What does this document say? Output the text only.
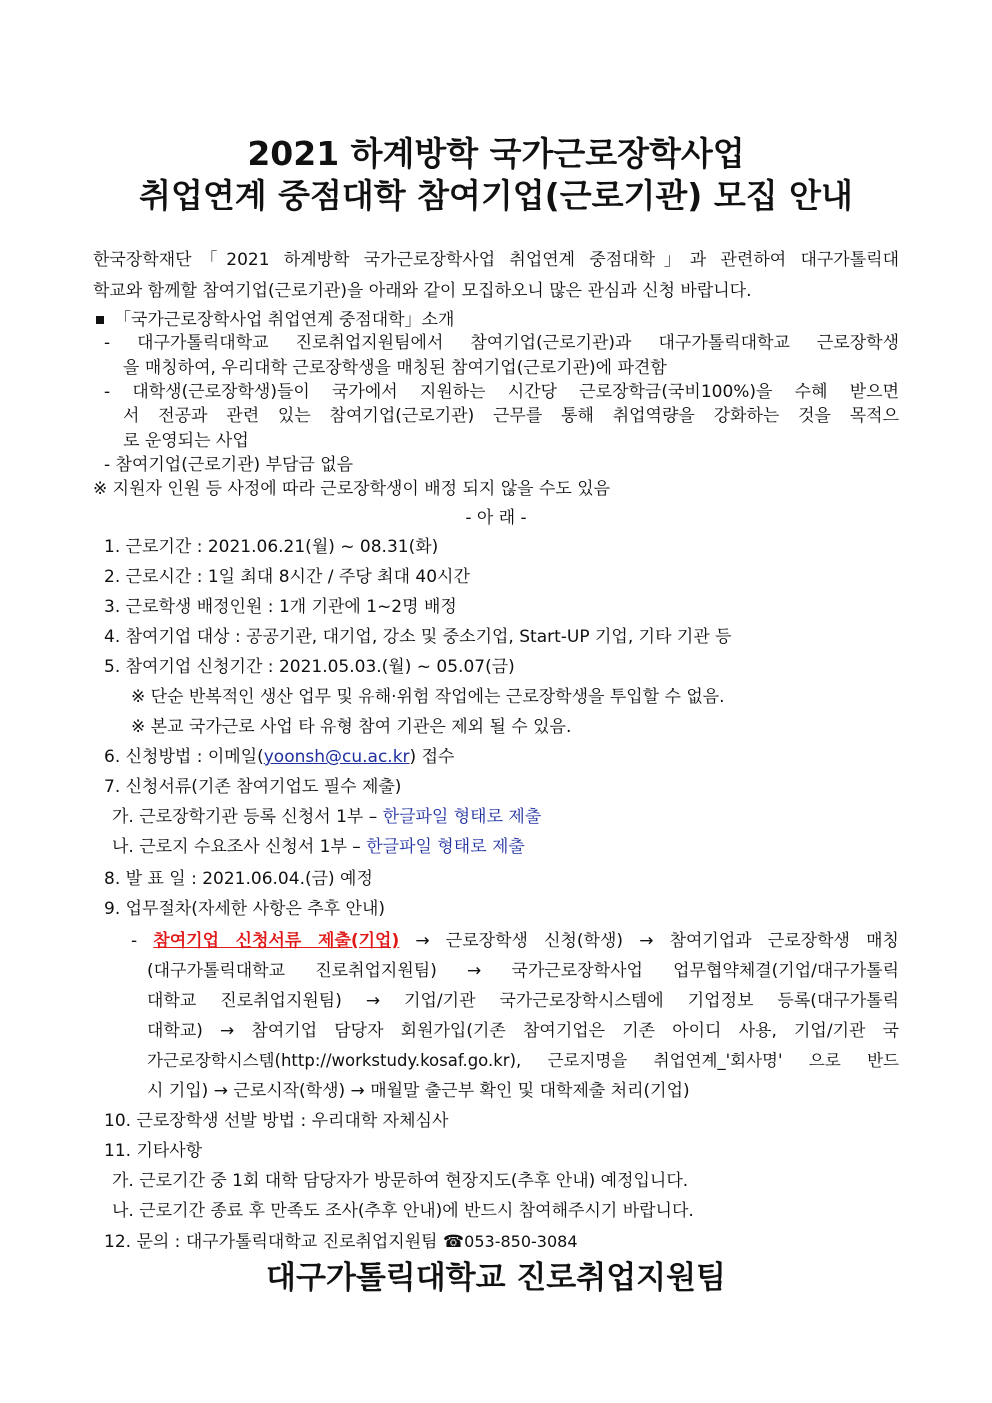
2021 하계방학 국가근로장학사업
취업연계 중점대학 참여기업(근로기관) 모집 안내
한국장학재단「2021 하계방학 국가근로장학사업 취업연계 중점대학」과 관련하여 대구가톨릭대
학교와 함께할 참여기업(근로기관)을 아래와 같이 모집하오니 많은 관심과 신청 바랍니다.
「국가근로장학사업 취업연계 중점대학」소개
- 대구가톨릭대학교 진로취업지원팀에서 참여기업(근로기관)과 대구가톨릭대학교 근로장학생
을 매칭하여, 우리대학 근로장학생을 매칭된 참여기업(근로기관)에 파견함
- 대학생(근로장학생)들이 국가에서 지원하는 시간당 근로장학금(국비100%)을 수혜 받으면
서 전공과 관련 있는 참여기업(근로기관) 근무를 통해 취업역량을 강화하는 것을 목적으
로 운영되는 사업
- 참여기업(근로기관) 부담금 없음
※ 지원자 인원 등 사정에 따라 근로장학생이 배정 되지 않을 수도 있음
- 아 래 -
1. 근로기간 : 2021.06.21(월) ~ 08.31(화)
2. 근로시간 : 1일 최대 8시간 / 주당 최대 40시간
3. 근로학생 배정인원 : 1개 기관에 1~2명 배정
4. 참여기업 대상 : 공공기관, 대기업, 강소 및 중소기업, Start-UP 기업, 기타 기관 등
5. 참여기업 신청기간 : 2021.05.03.(월) ~ 05.07(금)
※ 단순 반복적인 생산 업무 및 유해·위험 작업에는 근로장학생을 투입할 수 없음.
※ 본교 국가근로 사업 타 유형 참여 기관은 제외 될 수 있음.
6. 신청방법 : 이메일(yoonsh@cu.ac.kr) 접수
7. 신청서류(기존 참여기업도 필수 제출)
가. 근로장학기관 등록 신청서 1부 – 한글파일 형태로 제출
나. 근로지 수요조사 신청서 1부 – 한글파일 형태로 제출
8. 발 표 일 : 2021.06.04.(금) 예정
9. 업무절차(자세한 사항은 추후 안내)
- 참여기업 신청서류 제출(기업) → 근로장학생 신청(학생) → 참여기업과 근로장학생 매칭
(대구가톨릭대학교 진로취업지원팀) → 국가근로장학사업 업무협약체결(기업/대구가톨릭
대학교 진로취업지원팀) → 기업/기관 국가근로장학시스템에 기업정보 등록(대구가톨릭
대학교) → 참여기업 담당자 회원가입(기존 참여기업은 기존 아이디 사용, 기업/기관 국
가근로장학시스템(http://workstudy.kosaf.go.kr), 근로지명을 취업연계_'회사명' 으로 반드
시 기입) → 근로시작(학생) → 매월말 출근부 확인 및 대학제출 처리(기업)
10. 근로장학생 선발 방법 : 우리대학 자체심사
11. 기타사항
가. 근로기간 중 1회 대학 담당자가 방문하여 현장지도(추후 안내) 예정입니다.
나. 근로기간 종료 후 만족도 조사(추후 안내)에 반드시 참여해주시기 바랍니다.
12. 문의 : 대구가톨릭대학교 진로취업지원팀 ☎053-850-3084
대구가톨릭대학교 진로취업지원팀
